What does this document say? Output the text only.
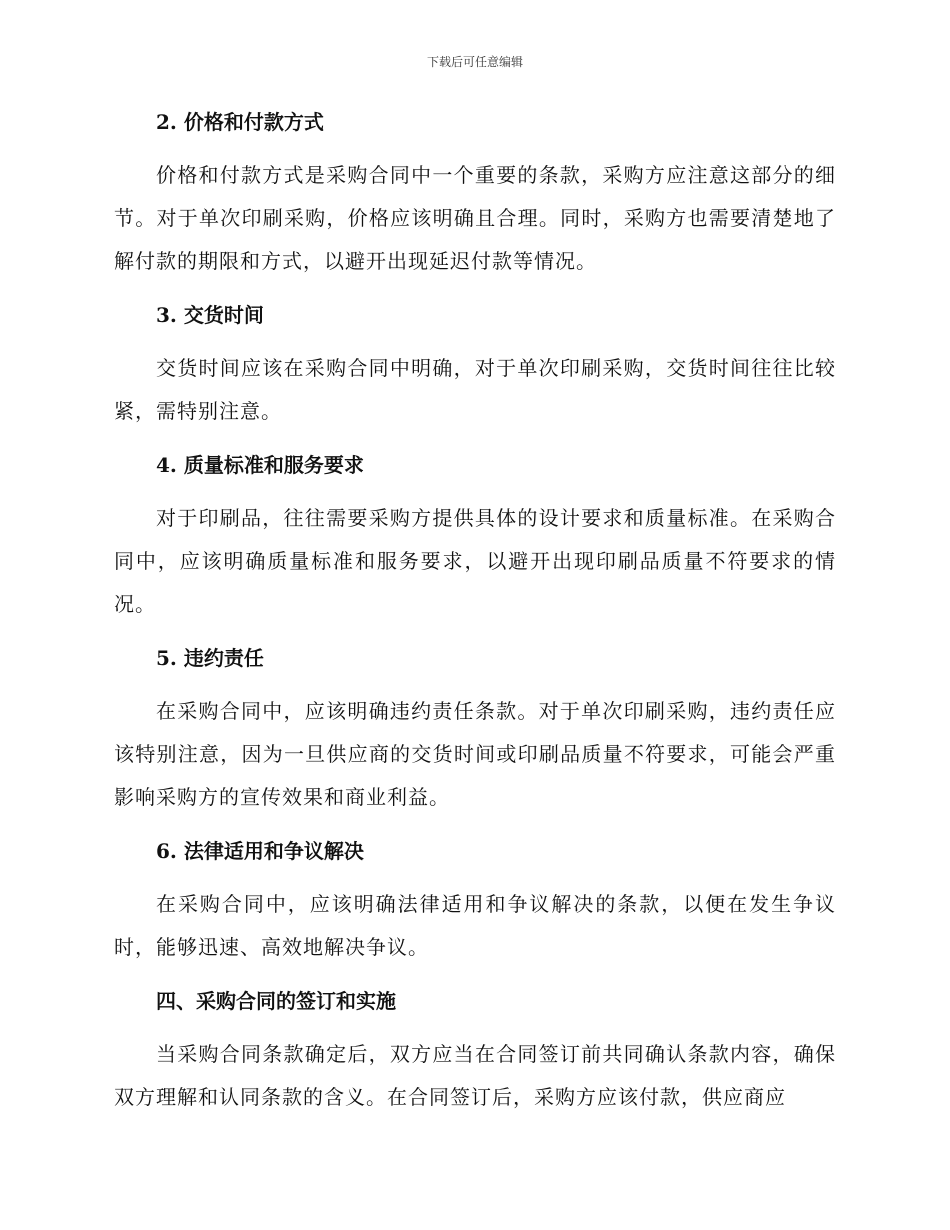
下载后可任意编辑
2. 价格和付款方式

价格和付款方式是采购合同中一个重要的条款，采购方应注意这部分的细节。对于单次印刷采购，价格应该明确且合理。同时，采购方也需要清楚地了解付款的期限和方式，以避开出现延迟付款等情况。

3. 交货时间

交货时间应该在采购合同中明确，对于单次印刷采购，交货时间往往比较紧，需特别注意。

4. 质量标准和服务要求

对于印刷品，往往需要采购方提供具体的设计要求和质量标准。在采购合同中，应该明确质量标准和服务要求，以避开出现印刷品质量不符要求的情况。

5. 违约责任

在采购合同中，应该明确违约责任条款。对于单次印刷采购，违约责任应该特别注意，因为一旦供应商的交货时间或印刷品质量不符要求，可能会严重影响采购方的宣传效果和商业利益。

6. 法律适用和争议解决

在采购合同中，应该明确法律适用和争议解决的条款，以便在发生争议时，能够迅速、高效地解决争议。

四、采购合同的签订和实施

当采购合同条款确定后，双方应当在合同签订前共同确认条款内容，确保双方理解和认同条款的含义。在合同签订后，采购方应该付款，供应商应
